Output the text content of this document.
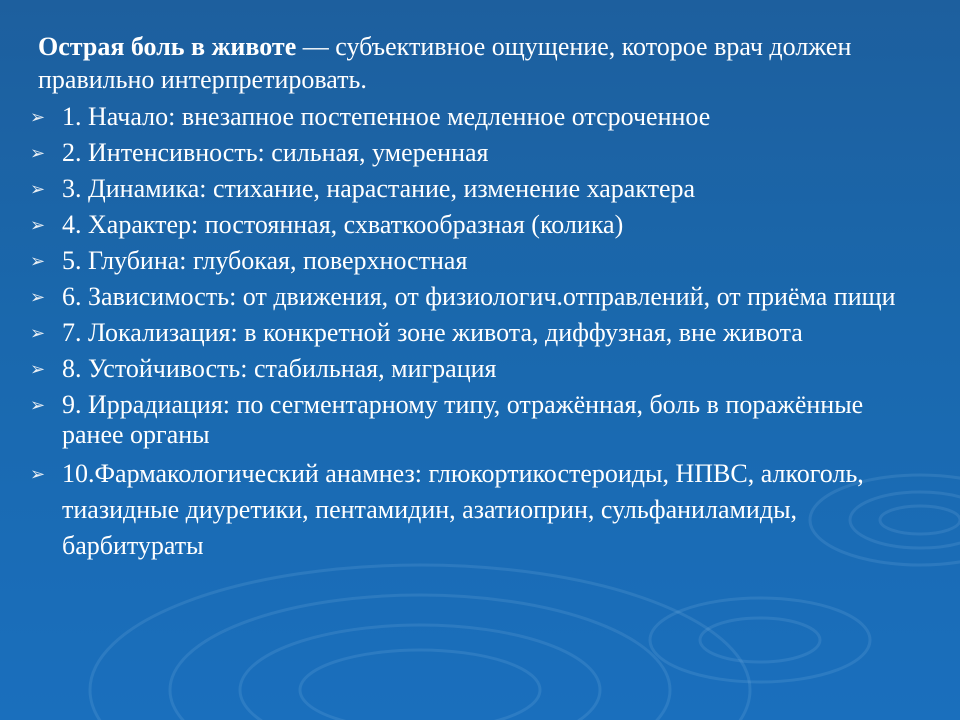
Острая боль в животе — субъективное ощущение, которое врач должен правильно интерпретировать.
➢ 1. Начало: внезапное постепенное медленное отсроченное
➢ 2. Интенсивность: сильная, умеренная
➢ 3. Динамика: стихание, нарастание, изменение характера
➢ 4. Характер: постоянная, схваткообразная (колика)
➢ 5. Глубина: глубокая, поверхностная
➢ 6. Зависимость: от движения, от физиологич.отправлений, от приёма пищи
➢ 7. Локализация: в конкретной зоне живота, диффузная, вне живота
➢ 8. Устойчивость: стабильная, миграция
➢ 9. Иррадиация: по сегментарному типу, отражённая, боль в поражённые ранее органы
➢ 10.Фармакологический анамнез: глюкортикостероиды, НПВС, алкоголь, тиазидные диуретики, пентамидин, азатиоприн, сульфаниламиды, барбитураты
